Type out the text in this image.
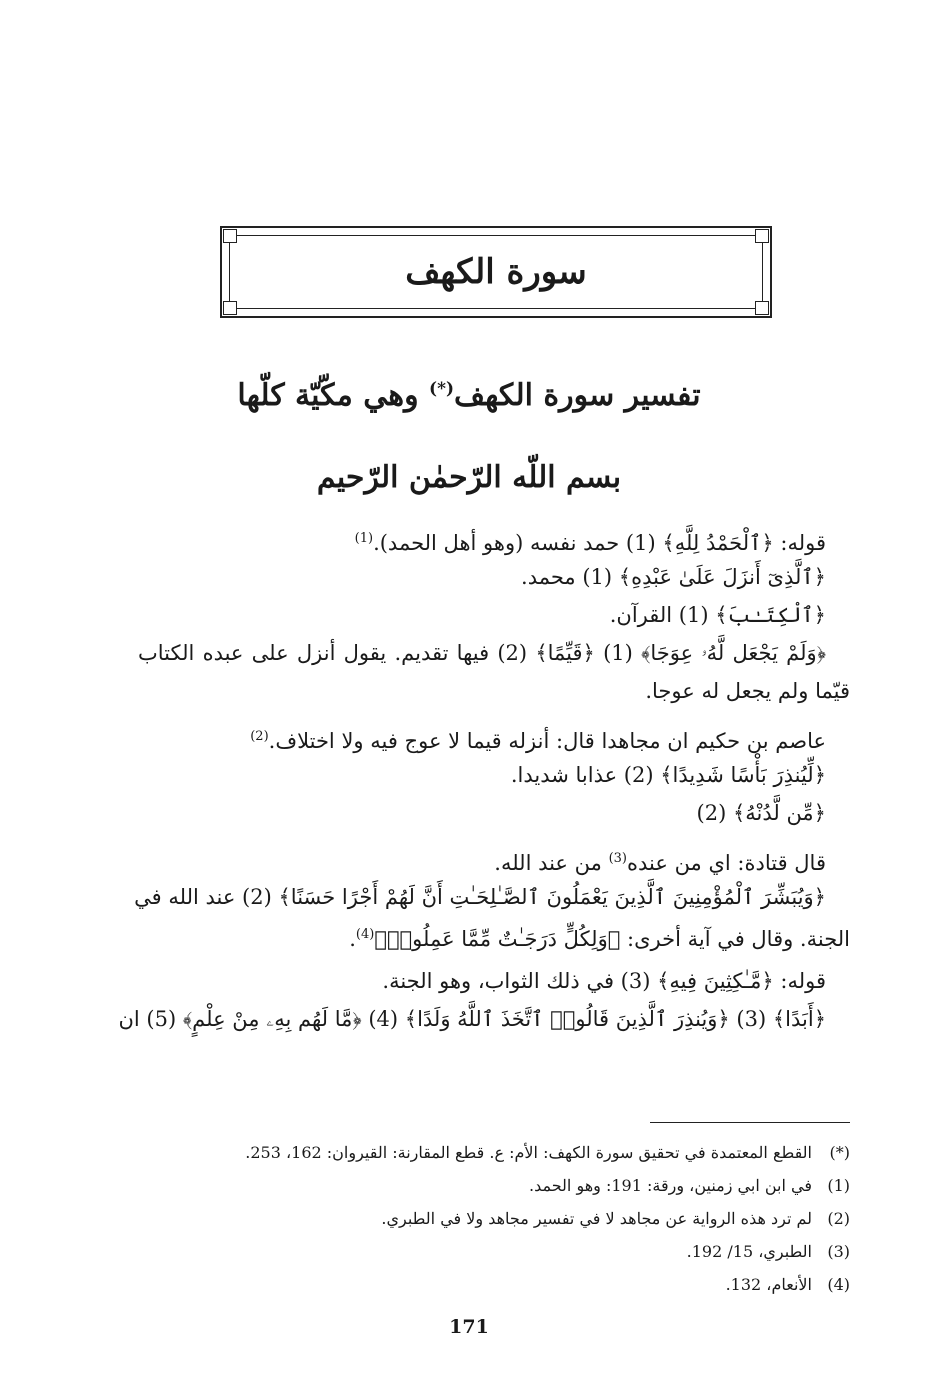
سورة الكهف
تفسير سورة الكهف(*) وهي مكّيّة كلّها
بسم اللّه الرّحمٰن الرّحيم
قوله: ﴿ٱلْحَمْدُ لِلَّهِ﴾ (1) حمد نفسه (وهو أهل الحمد).$^{(1)}$
﴿ٱلَّذِىٓ أَنزَلَ عَلَىٰ عَبْدِهِ﴾ (1) محمد.
﴿ٱلْكِتَـٰبَ﴾ (1) القرآن.
﴿وَلَمْ يَجْعَل لَّهُۥ عِوَجَا﴾ (1) ﴿قَيِّمًا﴾ (2) فيها تقديم. يقول أنزل على عبده الكتاب
قيّما ولم يجعل له عوجا.
عاصم بن حكيم ان مجاهدا قال: أنزله قيما لا عوج فيه ولا اختلاف.$^{(2)}$
﴿لِّيُنذِرَ بَأْسًا شَدِيدًا﴾ (2) عذابا شديدا.
﴿مِّن لَّدُنْهُ﴾ (2)
قال قتادة: اي من عنده$^{(3)}$ من عند الله.
﴿وَيُبَشِّرَ ٱلْمُؤْمِنِينَ ٱلَّذِينَ يَعْمَلُونَ ٱلصَّـٰلِحَـٰتِ أَنَّ لَهُمْ أَجْرًا حَسَنًا﴾ (2) عند الله في
الجنة. وقال في آية أخرى: ﴿وَلِكُلٍّ دَرَجَـٰتٌ مِّمَّا عَمِلُوا۟﴾$^{(4)}$.
قوله: ﴿مَّـٰكِثِينَ فِيهِ﴾ (3) في ذلك الثواب، وهو الجنة.
﴿أَبَدًا﴾ (3) ﴿وَيُنذِرَ ٱلَّذِينَ قَالُوا۟ ٱتَّخَذَ ٱللَّهُ وَلَدًا﴾ (4) ﴿مَّا لَهُم بِهِۦ مِنْ عِلْمٍ﴾ (5) ان
(*)
القطع المعتمدة في تحقيق سورة الكهف: الأم: ع. قطع المقارنة: القيروان: 162، 253.
(1)
في ابن ابي زمنين، ورقة: 191: وهو الحمد.
(2)
لم ترد هذه الرواية عن مجاهد لا في تفسير مجاهد ولا في الطبري.
(3)
الطبري، 15/ 192.
(4)
الأنعام، 132.
171
